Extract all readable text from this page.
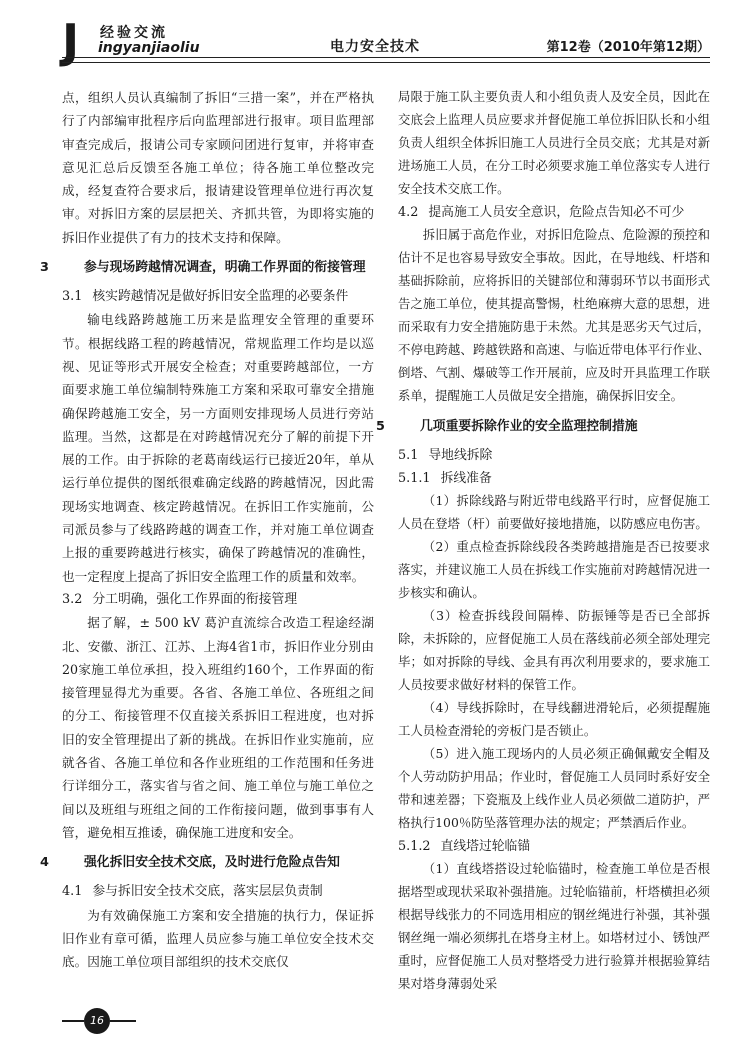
J 经验交流
ingyanjiaoliu	电力安全技术	第12卷（2010年第12期）

点，组织人员认真编制了拆旧“三措一案”，并在严格执行了内部编审批程序后向监理部进行报审。项目监理部审查完成后，报请公司专家顾问团进行复审，并将审查意见汇总后反馈至各施工单位；待各施工单位整改完成，经复查符合要求后，报请建设管理单位进行再次复审。对拆旧方案的层层把关、齐抓共管，为即将实施的拆旧作业提供了有力的技术支持和保障。

3	参与现场跨越情况调查，明确工作界面的衔接管理
3.1 核实跨越情况是做好拆旧安全监理的必要条件

输电线路跨越施工历来是监理安全管理的重要环节。根据线路工程的跨越情况，常规监理工作均是以巡视、见证等形式开展安全检查；对重要跨越部位，一方面要求施工单位编制特殊施工方案和采取可靠安全措施确保跨越施工安全，另一方面则安排现场人员进行旁站监理。当然，这都是在对跨越情况充分了解的前提下开展的工作。由于拆除的老葛南线运行已接近20年，单从运行单位提供的图纸很难确定线路的跨越情况，因此需现场实地调查、核定跨越情况。在拆旧工作实施前，公司派员参与了线路跨越的调查工作，并对施工单位调查上报的重要跨越进行核实，确保了跨越情况的准确性，也一定程度上提高了拆旧安全监理工作的质量和效率。

3.2 分工明确，强化工作界面的衔接管理

据了解，± 500 kV 葛沪直流综合改造工程途经湖北、安徽、浙江、江苏、上海4省1市，拆旧作业分别由20家施工单位承担，投入班组约160个，工作界面的衔接管理显得尤为重要。各省、各施工单位、各班组之间的分工、衔接管理不仅直接关系拆旧工程进度，也对拆旧的安全管理提出了新的挑战。在拆旧作业实施前，应就各省、各施工单位和各作业班组的工作范围和任务进行详细分工，落实省与省之间、施工单位与施工单位之间以及班组与班组之间的工作衔接问题，做到事事有人管，避免相互推诿，确保施工进度和安全。

4	强化拆旧安全技术交底，及时进行危险点告知
4.1 参与拆旧安全技术交底，落实层层负责制

为有效确保施工方案和安全措施的执行力，保证拆旧作业有章可循，监理人员应参与施工单位安全技术交底。因施工单位项目部组织的技术交底仅

局限于施工队主要负责人和小组负责人及安全员，因此在交底会上监理人员应要求并督促施工单位拆旧队长和小组负责人组织全体拆旧施工人员进行全员交底；尤其是对新进场施工人员，在分工时必须要求施工单位落实专人进行安全技术交底工作。

4.2 提高施工人员安全意识，危险点告知必不可少

拆旧属于高危作业，对拆旧危险点、危险源的预控和估计不足也容易导致安全事故。因此，在导地线、杆塔和基础拆除前，应将拆旧的关键部位和薄弱环节以书面形式告之施工单位，使其提高警惕，杜绝麻痹大意的思想，进而采取有力安全措施防患于未然。尤其是恶劣天气过后，不停电跨越、跨越铁路和高速、与临近带电体平行作业、倒塔、气割、爆破等工作开展前，应及时开具监理工作联系单，提醒施工人员做足安全措施，确保拆旧安全。

5	几项重要拆除作业的安全监理控制措施
5.1 导地线拆除
5.1.1 拆线准备

（1）拆除线路与附近带电线路平行时，应督促施工人员在登塔（杆）前要做好接地措施，以防感应电伤害。

（2）重点检查拆除线段各类跨越措施是否已按要求落实，并建议施工人员在拆线工作实施前对跨越情况进一步核实和确认。

（3）检查拆线段间隔棒、防振锤等是否已全部拆除，未拆除的，应督促施工人员在落线前必须全部处理完毕；如对拆除的导线、金具有再次利用要求的，要求施工人员按要求做好材料的保管工作。

（4）导线拆除时，在导线翻进滑轮后，必须提醒施工人员检查滑轮的旁板门是否锁止。

（5）进入施工现场内的人员必须正确佩戴安全帽及个人劳动防护用品；作业时，督促施工人员同时系好安全带和速差器；下瓷瓶及上线作业人员必须做二道防护，严格执行100％防坠落管理办法的规定；严禁酒后作业。

5.1.2 直线塔过轮临锚

（1）直线塔搭设过轮临锚时，检查施工单位是否根据塔型或现状采取补强措施。过轮临锚前，杆塔横担必须根据导线张力的不同选用相应的钢丝绳进行补强，其补强钢丝绳一端必须绑扎在塔身主材上。如塔材过小、锈蚀严重时，应督促施工人员对整塔受力进行验算并根据验算结果对塔身薄弱处采

16
